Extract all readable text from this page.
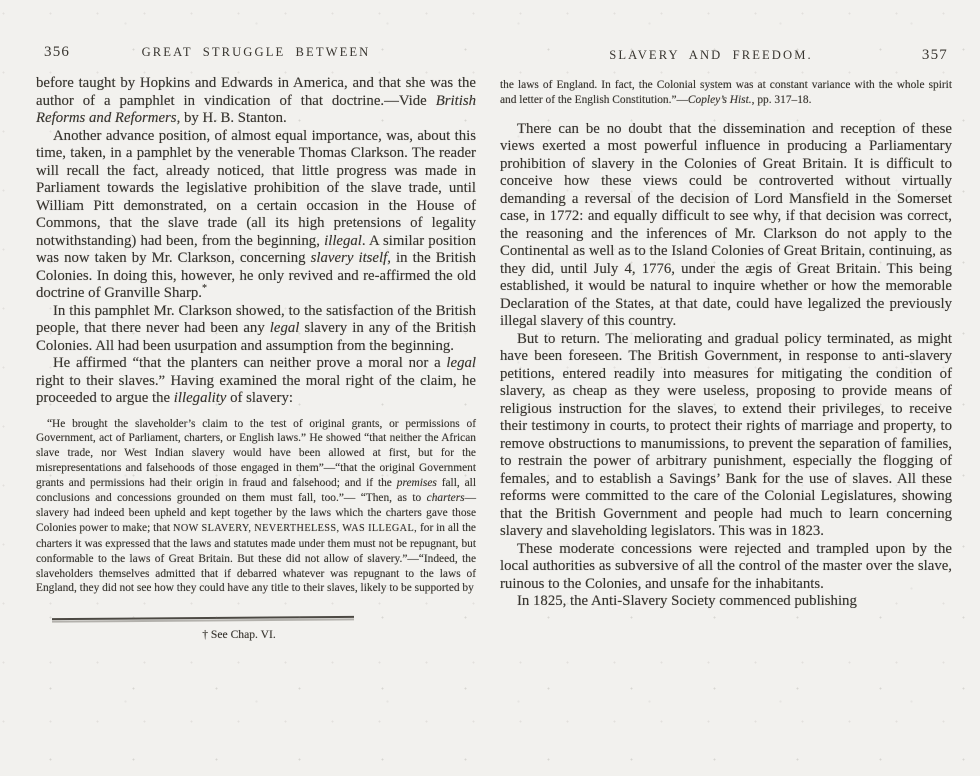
356	GREAT STRUGGLE BETWEEN

before taught by Hopkins and Edwards in America, and that she was the author of a pamphlet in vindication of that doctrine.—Vide British Reforms and Reformers, by H. B. Stanton.

Another advance position, of almost equal importance, was, about this time, taken, in a pamphlet by the venerable Thomas Clarkson. The reader will recall the fact, already noticed, that little progress was made in Parliament towards the legislative prohibition of the slave trade, until William Pitt demonstrated, on a certain occasion in the House of Commons, that the slave trade (all its high pretensions of legality notwithstanding) had been, from the beginning, illegal. A similar position was now taken by Mr. Clarkson, concerning slavery itself, in the British Colonies. In doing this, however, he only revived and re-affirmed the old doctrine of Granville Sharp.*

In this pamphlet Mr. Clarkson showed, to the satisfaction of the British people, that there never had been any legal slavery in any of the British Colonies. All had been usurpation and assumption from the beginning.

He affirmed “that the planters can neither prove a moral nor a legal right to their slaves.” Having examined the moral right of the claim, he proceeded to argue the illegality of slavery:

“He brought the slaveholder’s claim to the test of original grants, or permissions of Government, act of Parliament, charters, or English laws.” He showed “that neither the African slave trade, nor West Indian slavery would have been allowed at first, but for the misrepresentations and falsehoods of those engaged in them”—“that the original Government grants and permissions had their origin in fraud and falsehood; and if the premises fall, all conclusions and concessions grounded on them must fall, too.”— “Then, as to charters—slavery had indeed been upheld and kept together by the laws which the charters gave those Colonies power to make; that NOW SLAVERY, NEVERTHELESS, WAS ILLEGAL, for in all the charters it was expressed that the laws and statutes made under them must not be repugnant, but conformable to the laws of Great Britain. But these did not allow of slavery.”—“Indeed, the slaveholders themselves admitted that if debarred whatever was repugnant to the laws of England, they did not see how they could have any title to their slaves, likely to be supported by

† See Chap. VI.
SLAVERY AND FREEDOM.	357

the laws of England. In fact, the Colonial system was at constant variance with the whole spirit and letter of the English Constitution.”—Copley’s Hist., pp. 317–18.

There can be no doubt that the dissemination and reception of these views exerted a most powerful influence in producing a Parliamentary prohibition of slavery in the Colonies of Great Britain. It is difficult to conceive how these views could be controverted without virtually demanding a reversal of the decision of Lord Mansfield in the Somerset case, in 1772: and equally difficult to see why, if that decision was correct, the reasoning and the inferences of Mr. Clarkson do not apply to the Continental as well as to the Island Colonies of Great Britain, continuing, as they did, until July 4, 1776, under the ægis of Great Britain. This being established, it would be natural to inquire whether or how the memorable Declaration of the States, at that date, could have legalized the previously illegal slavery of this country.

But to return. The meliorating and gradual policy terminated, as might have been foreseen. The British Government, in response to anti-slavery petitions, entered readily into measures for mitigating the condition of slavery, as cheap as they were useless, proposing to provide means of religious instruction for the slaves, to extend their privileges, to receive their testimony in courts, to protect their rights of marriage and property, to remove obstructions to manumissions, to prevent the separation of families, to restrain the power of arbitrary punishment, especially the flogging of females, and to establish a Savings’ Bank for the use of slaves. All these reforms were committed to the care of the Colonial Legislatures, showing that the British Government and people had much to learn concerning slavery and slaveholding legislators. This was in 1823.

These moderate concessions were rejected and trampled upon by the local authorities as subversive of all the control of the master over the slave, ruinous to the Colonies, and unsafe for the inhabitants.

In 1825, the Anti-Slavery Society commenced publishing
